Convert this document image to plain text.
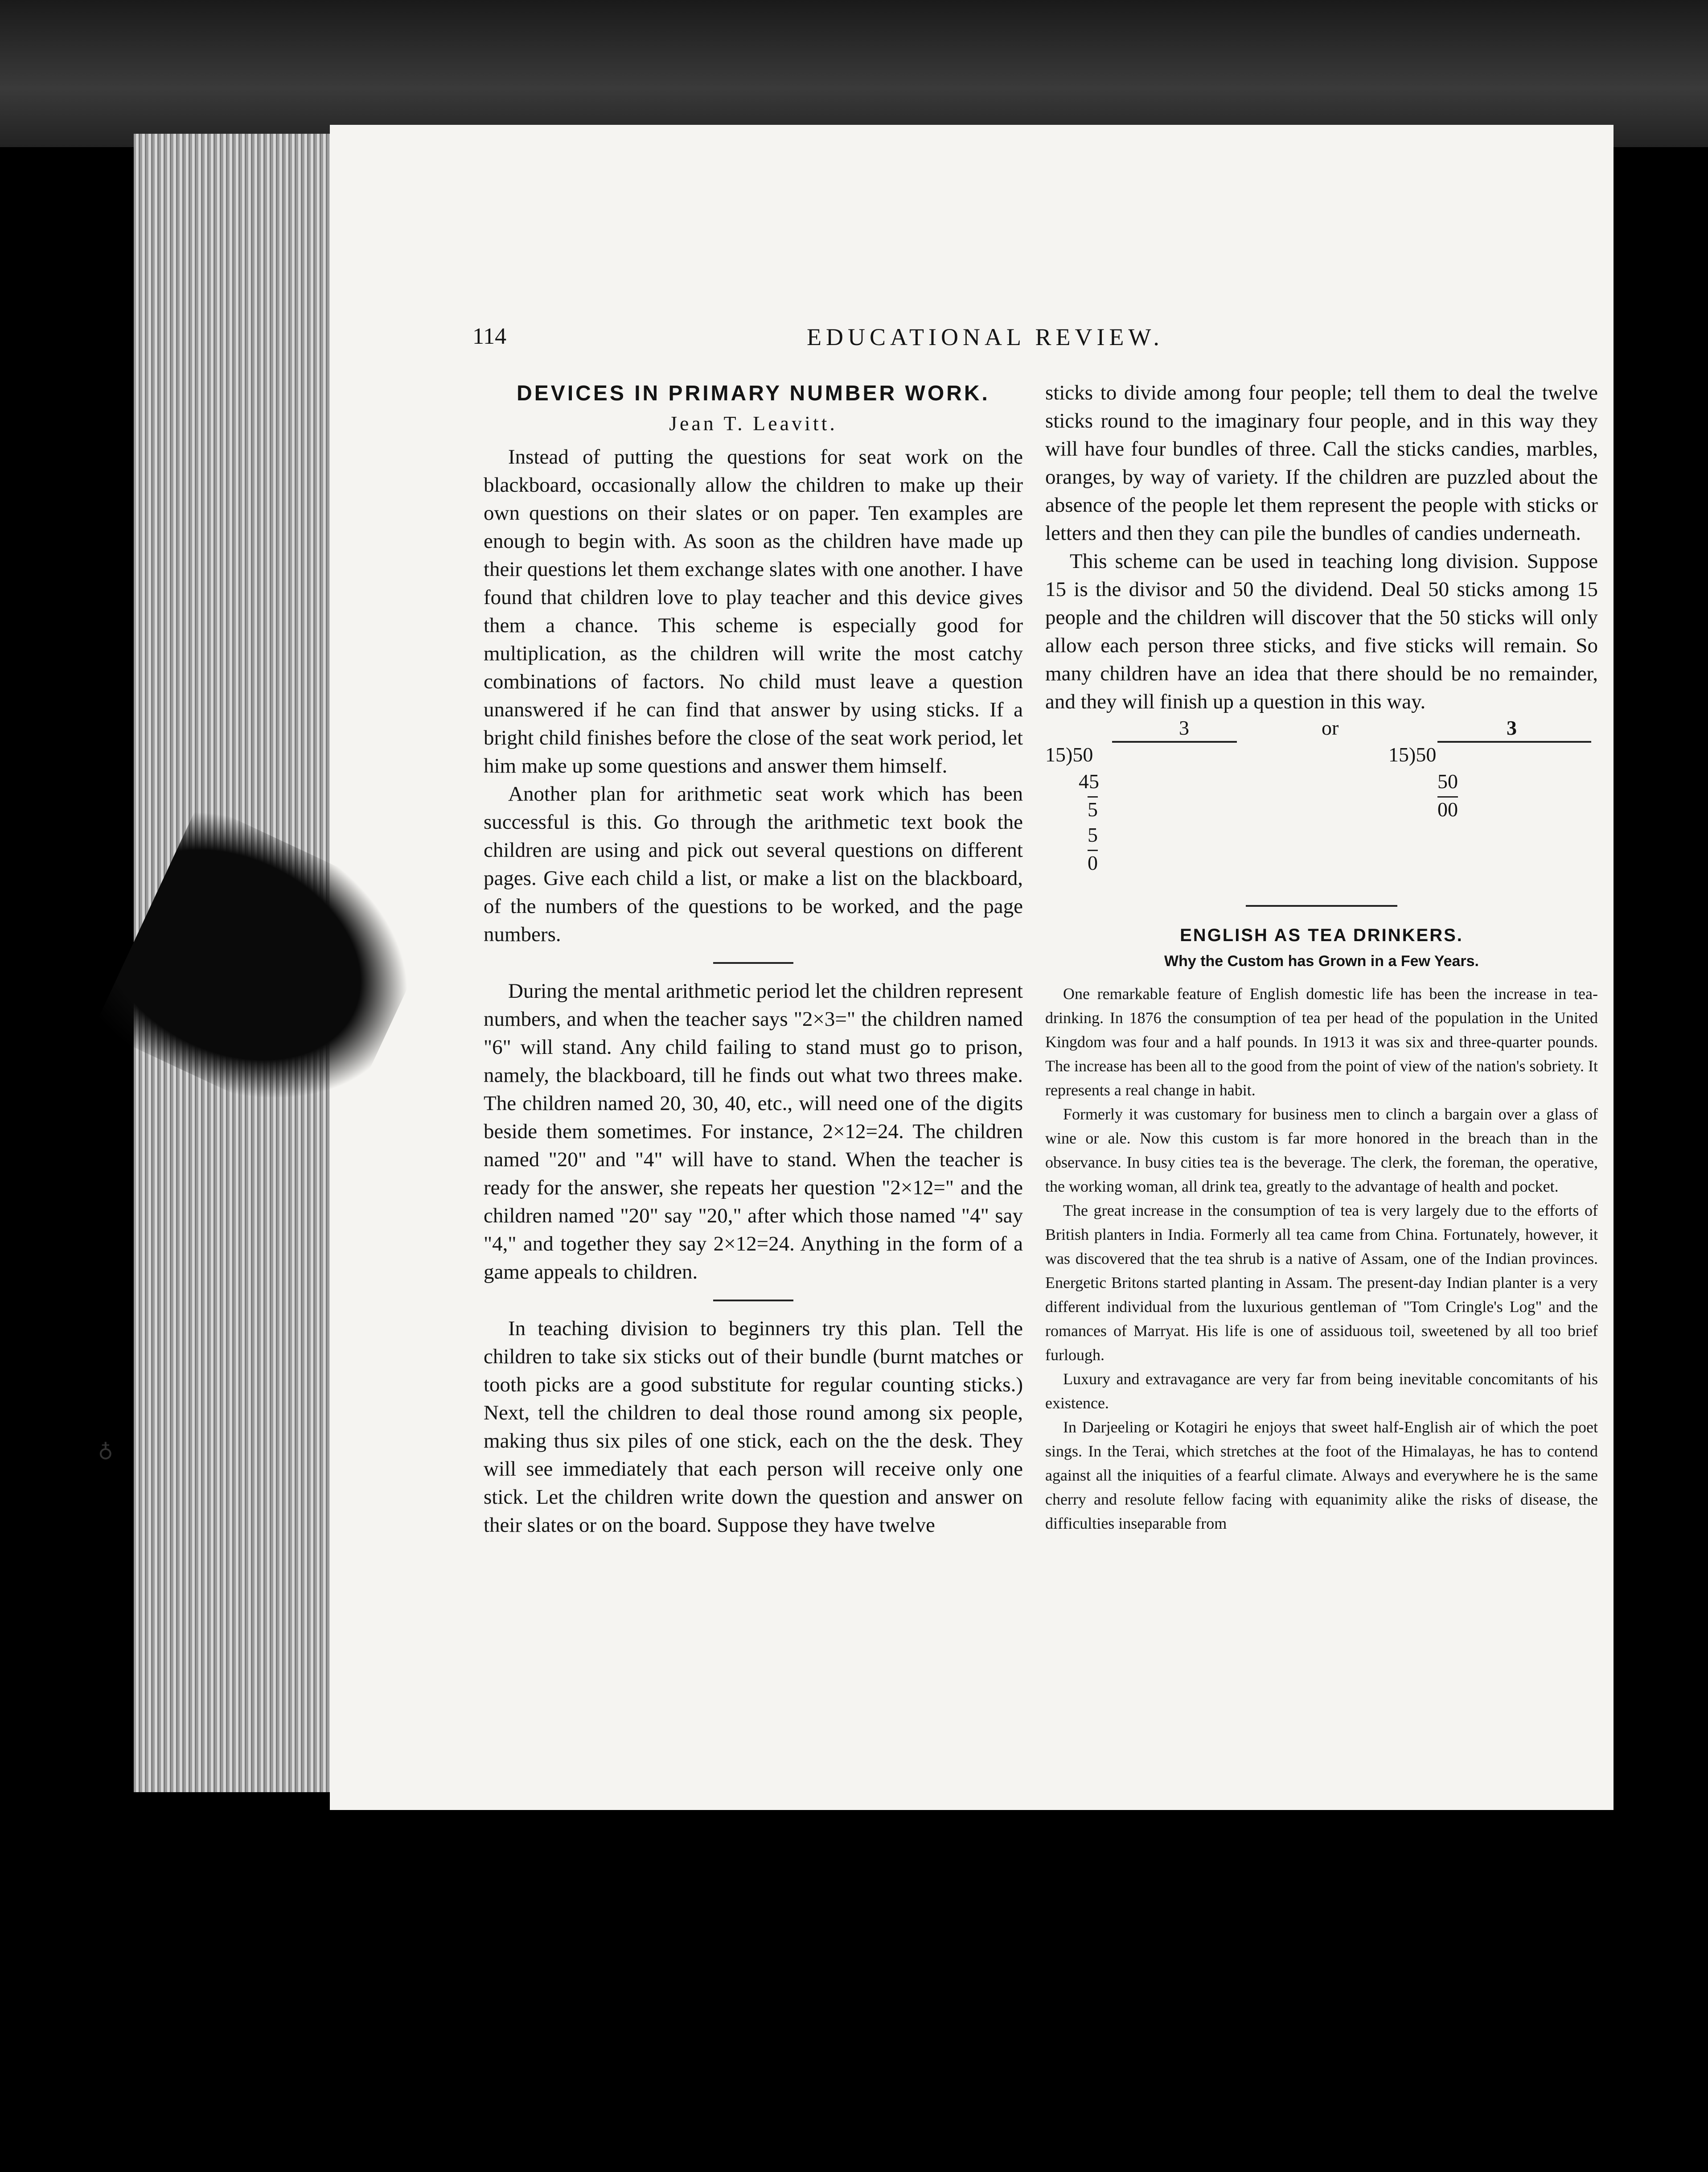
114	EDUCATIONAL REVIEW.
DEVICES IN PRIMARY NUMBER WORK.
Jean T. Leavitt.

Instead of putting the questions for seat work on the blackboard, occasionally allow the children to make up their own questions on their slates or on paper. Ten examples are enough to begin with. As soon as the children have made up their questions let them exchange slates with one another. I have found that children love to play teacher and this device gives them a chance. This scheme is especially good for multiplication, as the children will write the most catchy combinations of factors. No child must leave a question unanswered if he can find that answer by using sticks. If a bright child finishes before the close of the seat work period, let him make up some questions and answer them himself.

Another plan for arithmetic seat work which has been successful is this. Go through the arithmetic text book the children are using and pick out several questions on different pages. Give each child a list, or make a list on the blackboard, of the numbers of the questions to be worked, and the page numbers.

During the mental arithmetic period let the children represent numbers, and when the teacher says "2×3=" the children named "6" will stand. Any child failing to stand must go to prison, namely, the blackboard, till he finds out what two threes make. The children named 20, 30, 40, etc., will need one of the digits beside them sometimes. For instance, 2×12=24. The children named "20" and "4" will have to stand. When the teacher is ready for the answer, she repeats her question "2×12=" and the children named "20" say "20," after which those named "4" say "4," and together they say 2×12=24. Anything in the form of a game appeals to children.

In teaching division to beginners try this plan. Tell the children to take six sticks out of their bundle (burnt matches or tooth picks are a good substitute for regular counting sticks.) Next, tell the children to deal those round among six people, making thus six piles of one stick, each on the the desk. They will see immediately that each person will receive only one stick. Let the children write down the question and answer on their slates or on the board. Suppose they have twelve

sticks to divide among four people; tell them to deal the twelve sticks round to the imaginary four people, and in this way they will have four bundles of three. Call the sticks candies, marbles, oranges, by way of variety. If the children are puzzled about the absence of the people let them represent the people with sticks or letters and then they can pile the bundles of candies underneath.

This scheme can be used in teaching long division. Suppose 15 is the divisor and 50 the dividend. Deal 50 sticks among 15 people and the children will discover that the 50 sticks will only allow each person three sticks, and five sticks will remain. So many children have an idea that there should be no remainder, and they will finish up a question in this way.

3
15)50
45
5
5
0
or	3
15)50
50
00
ENGLISH AS TEA DRINKERS.
Why the Custom has Grown in a Few Years.

One remarkable feature of English domestic life has been the increase in tea-drinking. In 1876 the consumption of tea per head of the population in the United Kingdom was four and a half pounds. In 1913 it was six and three-quarter pounds. The increase has been all to the good from the point of view of the nation's sobriety. It represents a real change in habit.

Formerly it was customary for business men to clinch a bargain over a glass of wine or ale. Now this custom is far more honored in the breach than in the observance. In busy cities tea is the beverage. The clerk, the foreman, the operative, the working woman, all drink tea, greatly to the advantage of health and pocket.

The great increase in the consumption of tea is very largely due to the efforts of British planters in India. Formerly all tea came from China. Fortunately, however, it was discovered that the tea shrub is a native of Assam, one of the Indian provinces. Energetic Britons started planting in Assam. The present-day Indian planter is a very different individual from the luxurious gentleman of "Tom Cringle's Log" and the romances of Marryat. His life is one of assiduous toil, sweetened by all too brief furlough.

Luxury and extravagance are very far from being inevitable concomitants of his existence.

In Darjeeling or Kotagiri he enjoys that sweet half-English air of which the poet sings. In the Terai, which stretches at the foot of the Himalayas, he has to contend against all the iniquities of a fearful climate. Always and everywhere he is the same cherry and resolute fellow facing with equanimity alike the risks of disease, the difficulties inseparable from

♁
